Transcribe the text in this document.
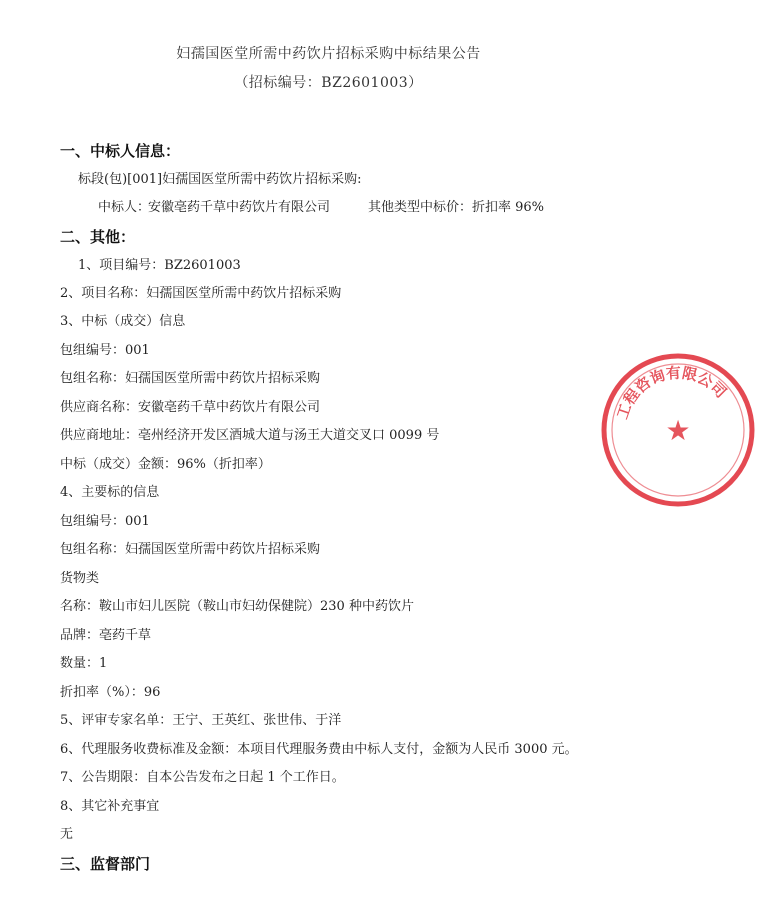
妇孺国医堂所需中药饮片招标采购中标结果公告
（招标编号：BZ2601003）
一、中标人信息：
标段(包)[001]妇孺国医堂所需中药饮片招标采购:
中标人：
安徽亳药千草中药饮片有限公司	其他类型中标价：折扣率 96%
二、其他：
1、项目编号：BZ2601003
2、项目名称：妇孺国医堂所需中药饮片招标采购
3、中标（成交）信息
包组编号：001
包组名称：妇孺国医堂所需中药饮片招标采购
供应商名称：安徽亳药千草中药饮片有限公司
供应商地址：亳州经济开发区酒城大道与汤王大道交叉口 0099 号
中标（成交）金额：96%（折扣率）
4、主要标的信息
包组编号：001
包组名称：妇孺国医堂所需中药饮片招标采购
货物类
名称：鞍山市妇儿医院（鞍山市妇幼保健院）230 种中药饮片
品牌：亳药千草
数量：1
折扣率（%）：96
5、评审专家名单：王宁、王英红、张世伟、于洋
6、代理服务收费标准及金额：本项目代理服务费由中标人支付，金额为人民币 3000 元。
7、公告期限：自本公告发布之日起 1 个工作日。
8、其它补充事宜
无
三、监督部门
工程咨询有限公司
★
